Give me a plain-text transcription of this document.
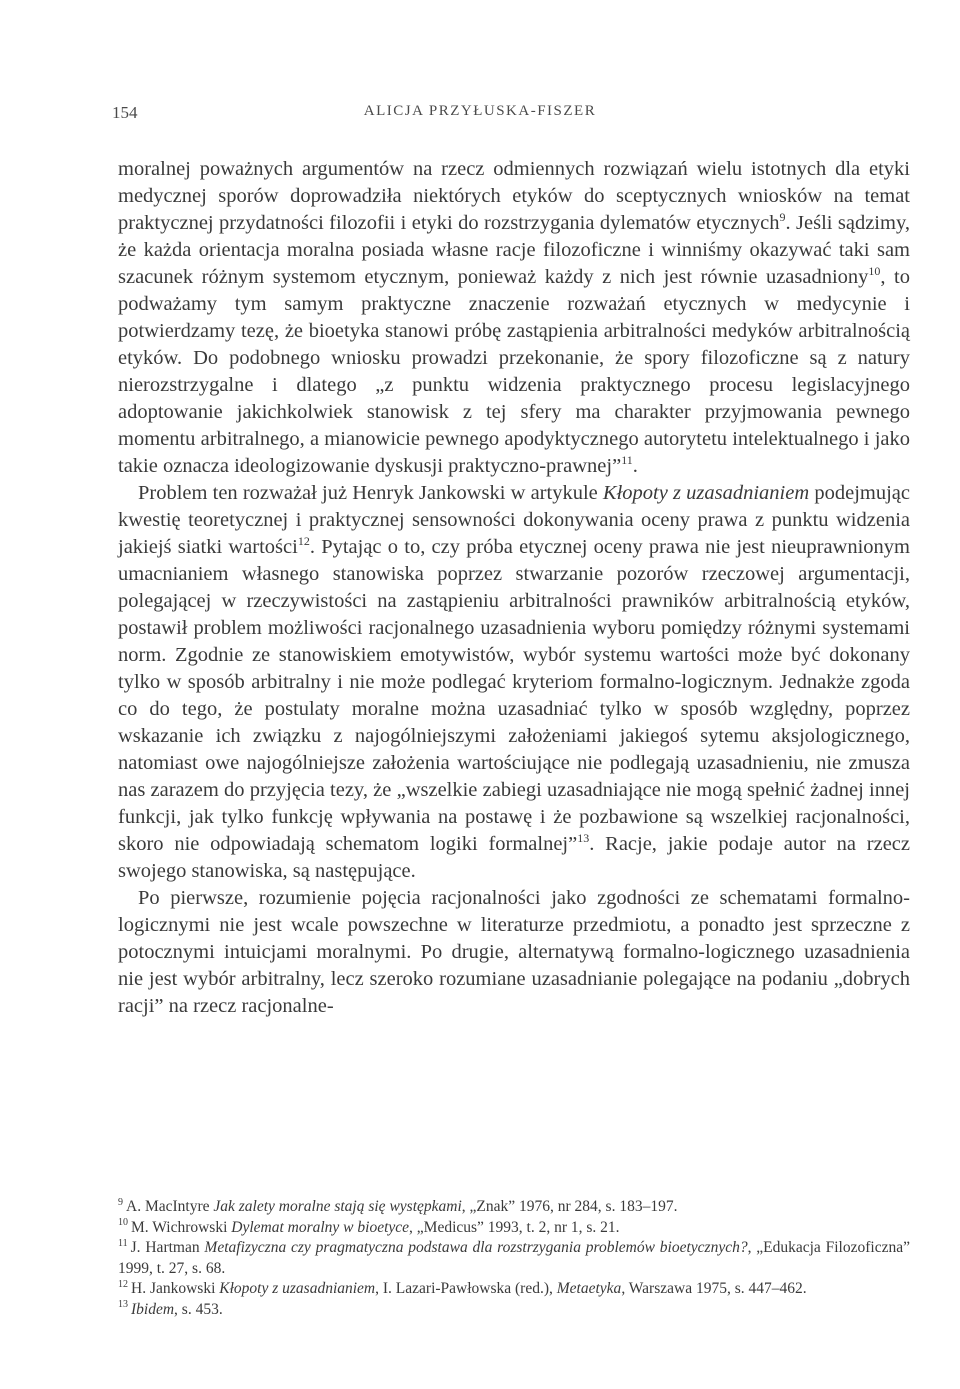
154	ALICJA PRZYŁUSKA-FISZER

moralnej poważnych argumentów na rzecz odmiennych rozwiązań wielu istotnych dla etyki medycznej sporów doprowadziła niektórych etyków do sceptycznych wniosków na temat praktycznej przydatności filozofii i etyki do rozstrzygania dylematów etycznych$^9$. Jeśli sądzimy, że każda orientacja moralna posiada własne racje filozoficzne i winniśmy okazywać taki sam szacunek różnym systemom etycznym, ponieważ każdy z nich jest równie uzasadniony$^{10}$, to podważamy tym samym praktyczne znaczenie rozważań etycznych w medycynie i potwierdzamy tezę, że bioetyka stanowi próbę zastąpienia arbitralności medyków arbitralnością etyków. Do podobnego wniosku prowadzi przekonanie, że spory filozoficzne są z natury nierozstrzygalne i dlatego „z punktu widzenia praktycznego procesu legislacyjnego adoptowanie jakichkolwiek stanowisk z tej sfery ma charakter przyjmowania pewnego momentu arbitralnego, a mianowicie pewnego apodyktycznego autorytetu intelektualnego i jako takie oznacza ideologizowanie dyskusji praktyczno-prawnej”$^{11}$.

Problem ten rozważał już Henryk Jankowski w artykule Kłopoty z uzasadnianiem podejmując kwestię teoretycznej i praktycznej sensowności dokonywania oceny prawa z punktu widzenia jakiejś siatki wartości$^{12}$. Pytając o to, czy próba etycznej oceny prawa nie jest nieuprawnionym umacnianiem własnego stanowiska poprzez stwarzanie pozorów rzeczowej argumentacji, polegającej w rzeczywistości na zastąpieniu arbitralności prawników arbitralnością etyków, postawił problem możliwości racjonalnego uzasadnienia wyboru pomiędzy różnymi systemami norm. Zgodnie ze stanowiskiem emotywistów, wybór systemu wartości może być dokonany tylko w sposób arbitralny i nie może podlegać kryteriom formalno-logicznym. Jednakże zgoda co do tego, że postulaty moralne można uzasadniać tylko w sposób względny, poprzez wskazanie ich związku z najogólniejszymi założeniami jakiegoś sytemu aksjologicznego, natomiast owe najogólniejsze założenia wartościujące nie podlegają uzasadnieniu, nie zmusza nas zarazem do przyjęcia tezy, że „wszelkie zabiegi uzasadniające nie mogą spełnić żadnej innej funkcji, jak tylko funkcję wpływania na postawę i że pozbawione są wszelkiej racjonalności, skoro nie odpowiadają schematom logiki formalnej”$^{13}$. Racje, jakie podaje autor na rzecz swojego stanowiska, są następujące.

Po pierwsze, rozumienie pojęcia racjonalności jako zgodności ze schematami formalno-logicznymi nie jest wcale powszechne w literaturze przedmiotu, a ponadto jest sprzeczne z potocznymi intuicjami moralnymi. Po drugie, alternatywą formalno-logicznego uzasadnienia nie jest wybór arbitralny, lecz szeroko rozumiane uzasadnianie polegające na podaniu „dobrych racji” na rzecz racjonalne-

$^9$ A. MacIntyre Jak zalety moralne stają się występkami, „Znak” 1976, nr 284, s. 183–197.

$^{10}$ M. Wichrowski Dylemat moralny w bioetyce, „Medicus” 1993, t. 2, nr 1, s. 21.

$^{11}$ J. Hartman Metafizyczna czy pragmatyczna podstawa dla rozstrzygania problemów bioetycznych?, „Edukacja Filozoficzna” 1999, t. 27, s. 68.

$^{12}$ H. Jankowski Kłopoty z uzasadnianiem, I. Lazari-Pawłowska (red.), Metaetyka, Warszawa 1975, s. 447–462.

$^{13}$ Ibidem, s. 453.
